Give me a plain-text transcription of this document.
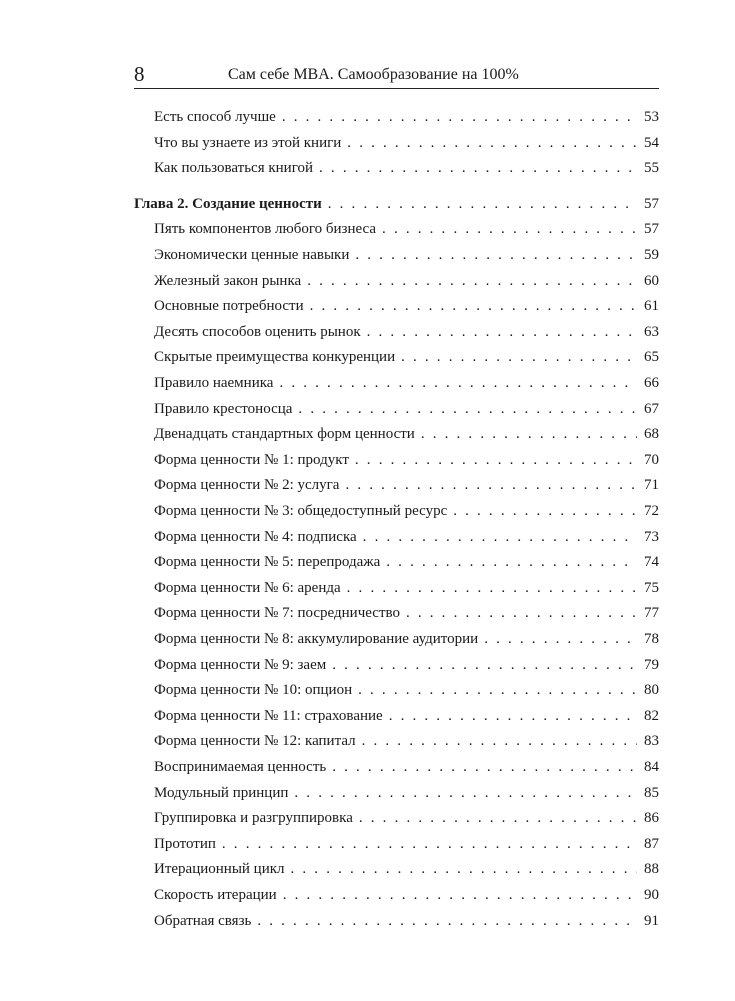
8	Сам себе MBA. Самообразование на 100%
Есть способ лучше . . .	53
Что вы узнаете из этой книги . . .	54
Как пользоваться книгой . . .	55
Глава 2. Создание ценности . . .	57
Пять компонентов любого бизнеса . . .	57
Экономически ценные навыки . . .	59
Железный закон рынка . . .	60
Основные потребности . . .	61
Десять способов оценить рынок . . .	63
Скрытые преимущества конкуренции . . .	65
Правило наемника . . .	66
Правило крестоносца . . .	67
Двенадцать стандартных форм ценности . . .	68
Форма ценности № 1: продукт . . .	70
Форма ценности № 2: услуга . . .	71
Форма ценности № 3: общедоступный ресурс . . .	72
Форма ценности № 4: подписка . . .	73
Форма ценности № 5: перепродажа . . .	74
Форма ценности № 6: аренда . . .	75
Форма ценности № 7: посредничество . . .	77
Форма ценности № 8: аккумулирование аудитории . . .	78
Форма ценности № 9: заем . . .	79
Форма ценности № 10: опцион . . .	80
Форма ценности № 11: страхование . . .	82
Форма ценности № 12: капитал . . .	83
Воспринимаемая ценность . . .	84
Модульный принцип . . .	85
Группировка и разгруппировка . . .	86
Прототип . . .	87
Итерационный цикл . . .	88
Скорость итерации . . .	90
Обратная связь . . .	91
